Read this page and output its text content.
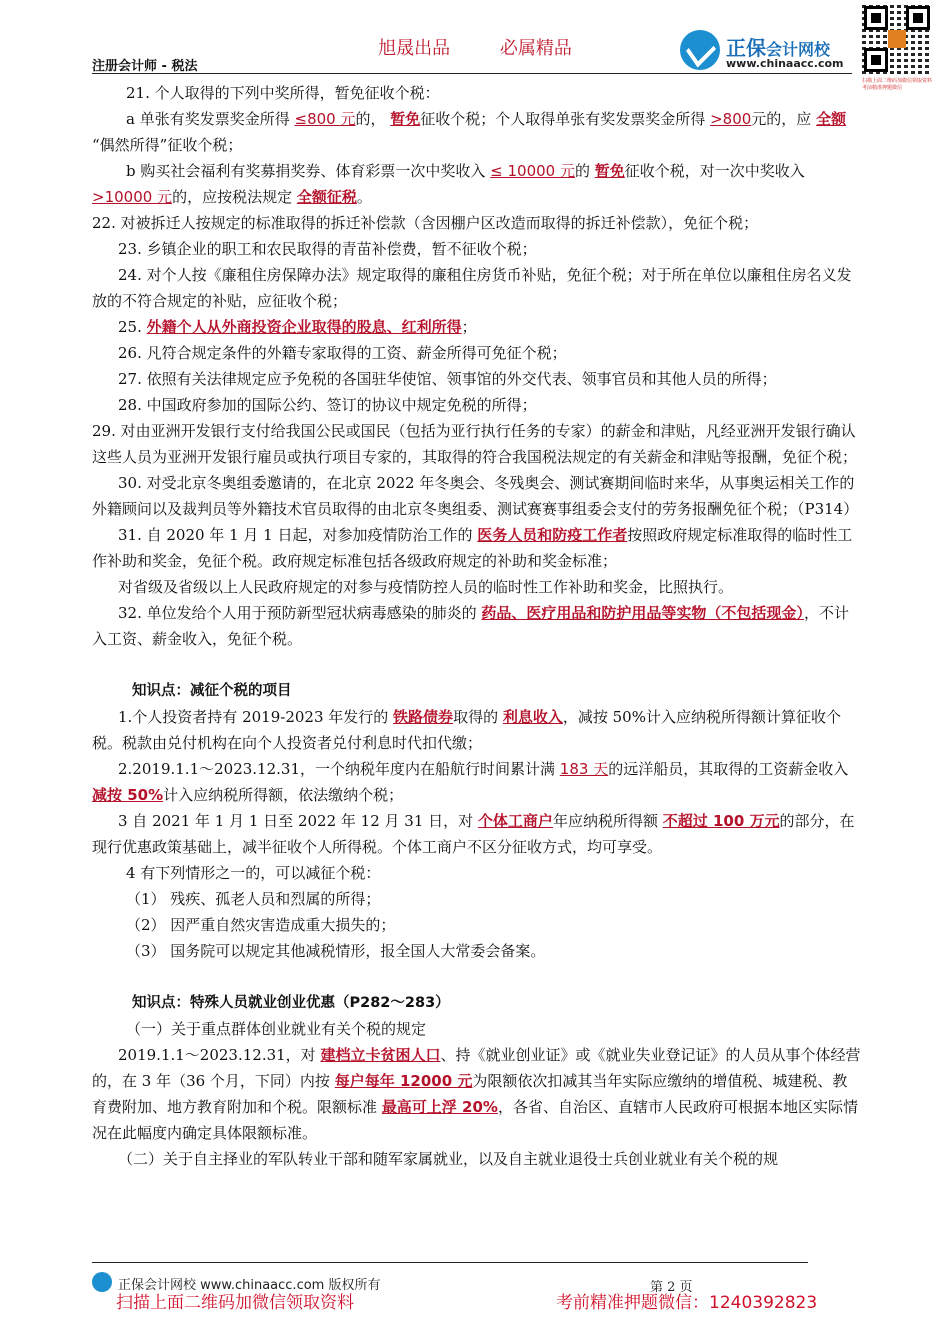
旭晟出品	必属精品
注册会计师 - 税法
正保会计网校
www.chinaacc.com
扫描上面二维码加微信领取资料 考前精准押题微信

21. 个人取得的下列中奖所得，暂免征收个税：

a 单张有奖发票奖金所得 ≤800 元的， 暂免征收个税；个人取得单张有奖发票奖金所得 >800元的，应 全额 “偶然所得”征收个税；

b 购买社会福利有奖募捐奖券、体育彩票一次中奖收入 ≤ 10000 元的 暂免征收个税，对一次中奖收入 >10000 元的，应按税法规定 全额征税。

22. 对被拆迁人按规定的标准取得的拆迁补偿款（含因棚户区改造而取得的拆迁补偿款），免征个税；

23. 乡镇企业的职工和农民取得的青苗补偿费，暂不征收个税；

24. 对个人按《廉租住房保障办法》规定取得的廉租住房货币补贴，免征个税；对于所在单位以廉租住房名义发放的不符合规定的补贴，应征收个税；

25. 外籍个人从外商投资企业取得的股息、红利所得；

26. 凡符合规定条件的外籍专家取得的工资、薪金所得可免征个税；

27. 依照有关法律规定应予免税的各国驻华使馆、领事馆的外交代表、领事官员和其他人员的所得；

28. 中国政府参加的国际公约、签订的协议中规定免税的所得；

29. 对由亚洲开发银行支付给我国公民或国民（包括为亚行执行任务的专家）的薪金和津贴，凡经亚洲开发银行确认这些人员为亚洲开发银行雇员或执行项目专家的，其取得的符合我国税法规定的有关薪金和津贴等报酬，免征个税；

30. 对受北京冬奥组委邀请的，在北京 2022 年冬奥会、冬残奥会、测试赛期间临时来华，从事奥运相关工作的外籍顾问以及裁判员等外籍技术官员取得的由北京冬奥组委、测试赛赛事组委会支付的劳务报酬免征个税；（P314）

31. 自 2020 年 1 月 1 日起，对参加疫情防治工作的 医务人员和防疫工作者按照政府规定标准取得的临时性工作补助和奖金，免征个税。政府规定标准包括各级政府规定的补助和奖金标准；

对省级及省级以上人民政府规定的对参与疫情防控人员的临时性工作补助和奖金，比照执行。

32. 单位发给个人用于预防新型冠状病毒感染的肺炎的 药品、医疗用品和防护用品等实物（不包括现金），不计入工资、薪金收入，免征个税。

知识点：减征个税的项目

1.个人投资者持有 2019-2023 年发行的 铁路债券取得的 利息收入，减按 50%计入应纳税所得额计算征收个税。税款由兑付机构在向个人投资者兑付利息时代扣代缴；

2.2019.1.1～2023.12.31，一个纳税年度内在船航行时间累计满 183 天的远洋船员，其取得的工资薪金收入 减按 50%计入应纳税所得额，依法缴纳个税；

3 自 2021 年 1 月 1 日至 2022 年 12 月 31 日，对 个体工商户年应纳税所得额 不超过 100 万元的部分，在现行优惠政策基础上，减半征收个人所得税。个体工商户不区分征收方式，均可享受。

4 有下列情形之一的，可以减征个税：

（1） 残疾、孤老人员和烈属的所得；

（2） 因严重自然灾害造成重大损失的；

（3） 国务院可以规定其他减税情形，报全国人大常委会备案。

知识点：特殊人员就业创业优惠（P282～283）

（一）关于重点群体创业就业有关个税的规定

2019.1.1～2023.12.31，对 建档立卡贫困人口、持《就业创业证》或《就业失业登记证》的人员从事个体经营的，在 3 年（36 个月，下同）内按 每户每年 12000 元为限额依次扣减其当年实际应缴纳的增值税、城建税、教育费附加、地方教育附加和个税。限额标准 最高可上浮 20%，各省、自治区、直辖市人民政府可根据本地区实际情况在此幅度内确定具体限额标准。

（二）关于自主择业的军队转业干部和随军家属就业，以及自主就业退役士兵创业就业有关个税的规

正保会计网校 www.chinaacc.com 版权所有	第 2 页
扫描上面二维码加微信领取资料	考前精准押题微信：1240392823
